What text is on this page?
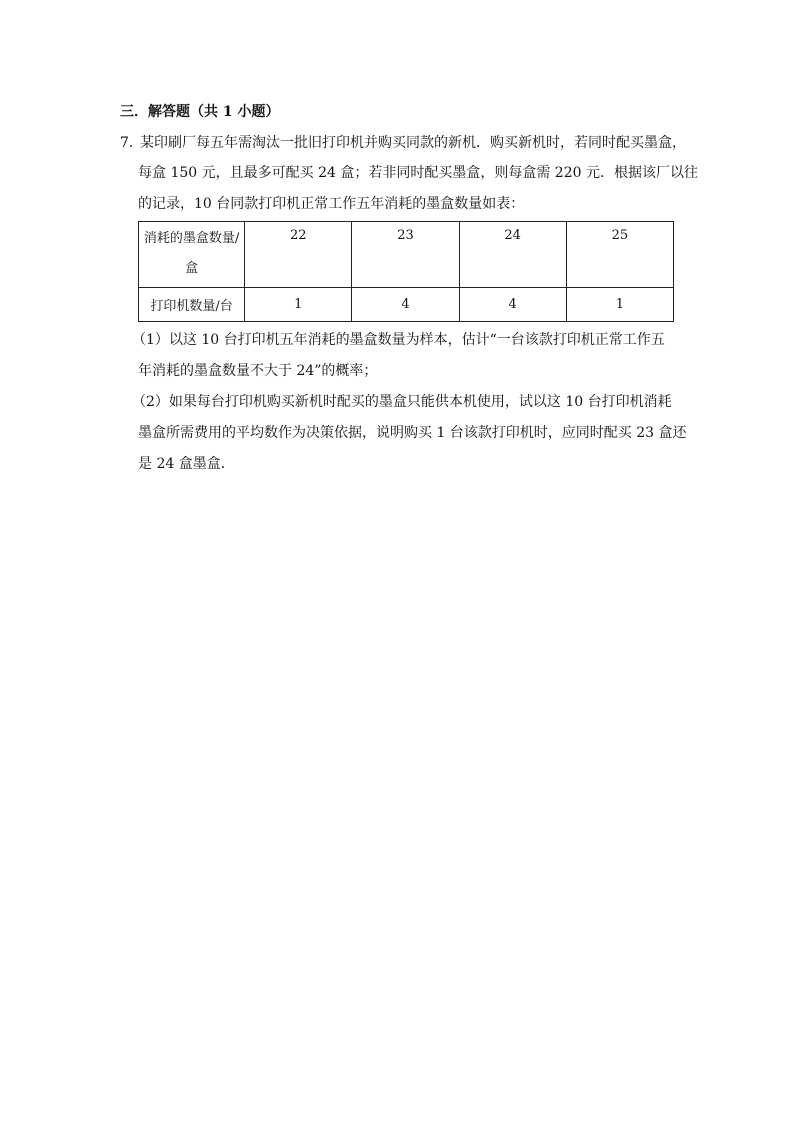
三．解答题（共 1 小题）
7．某印刷厂每五年需淘汰一批旧打印机并购买同款的新机．购买新机时，若同时配买墨盒，
每盒 150 元，且最多可配买 24 盒；若非同时配买墨盒，则每盒需 220 元．根据该厂以往
的记录，10 台同款打印机正常工作五年消耗的墨盒数量如表：
消耗的墨盒数量/盒	22	23	24	25
打印机数量/台	1	4	4	1
（1）以这 10 台打印机五年消耗的墨盒数量为样本，估计“一台该款打印机正常工作五
年消耗的墨盒数量不大于 24”的概率；
（2）如果每台打印机购买新机时配买的墨盒只能供本机使用，试以这 10 台打印机消耗
墨盒所需费用的平均数作为决策依据，说明购买 1 台该款打印机时，应同时配买 23 盒还
是 24 盒墨盒．
